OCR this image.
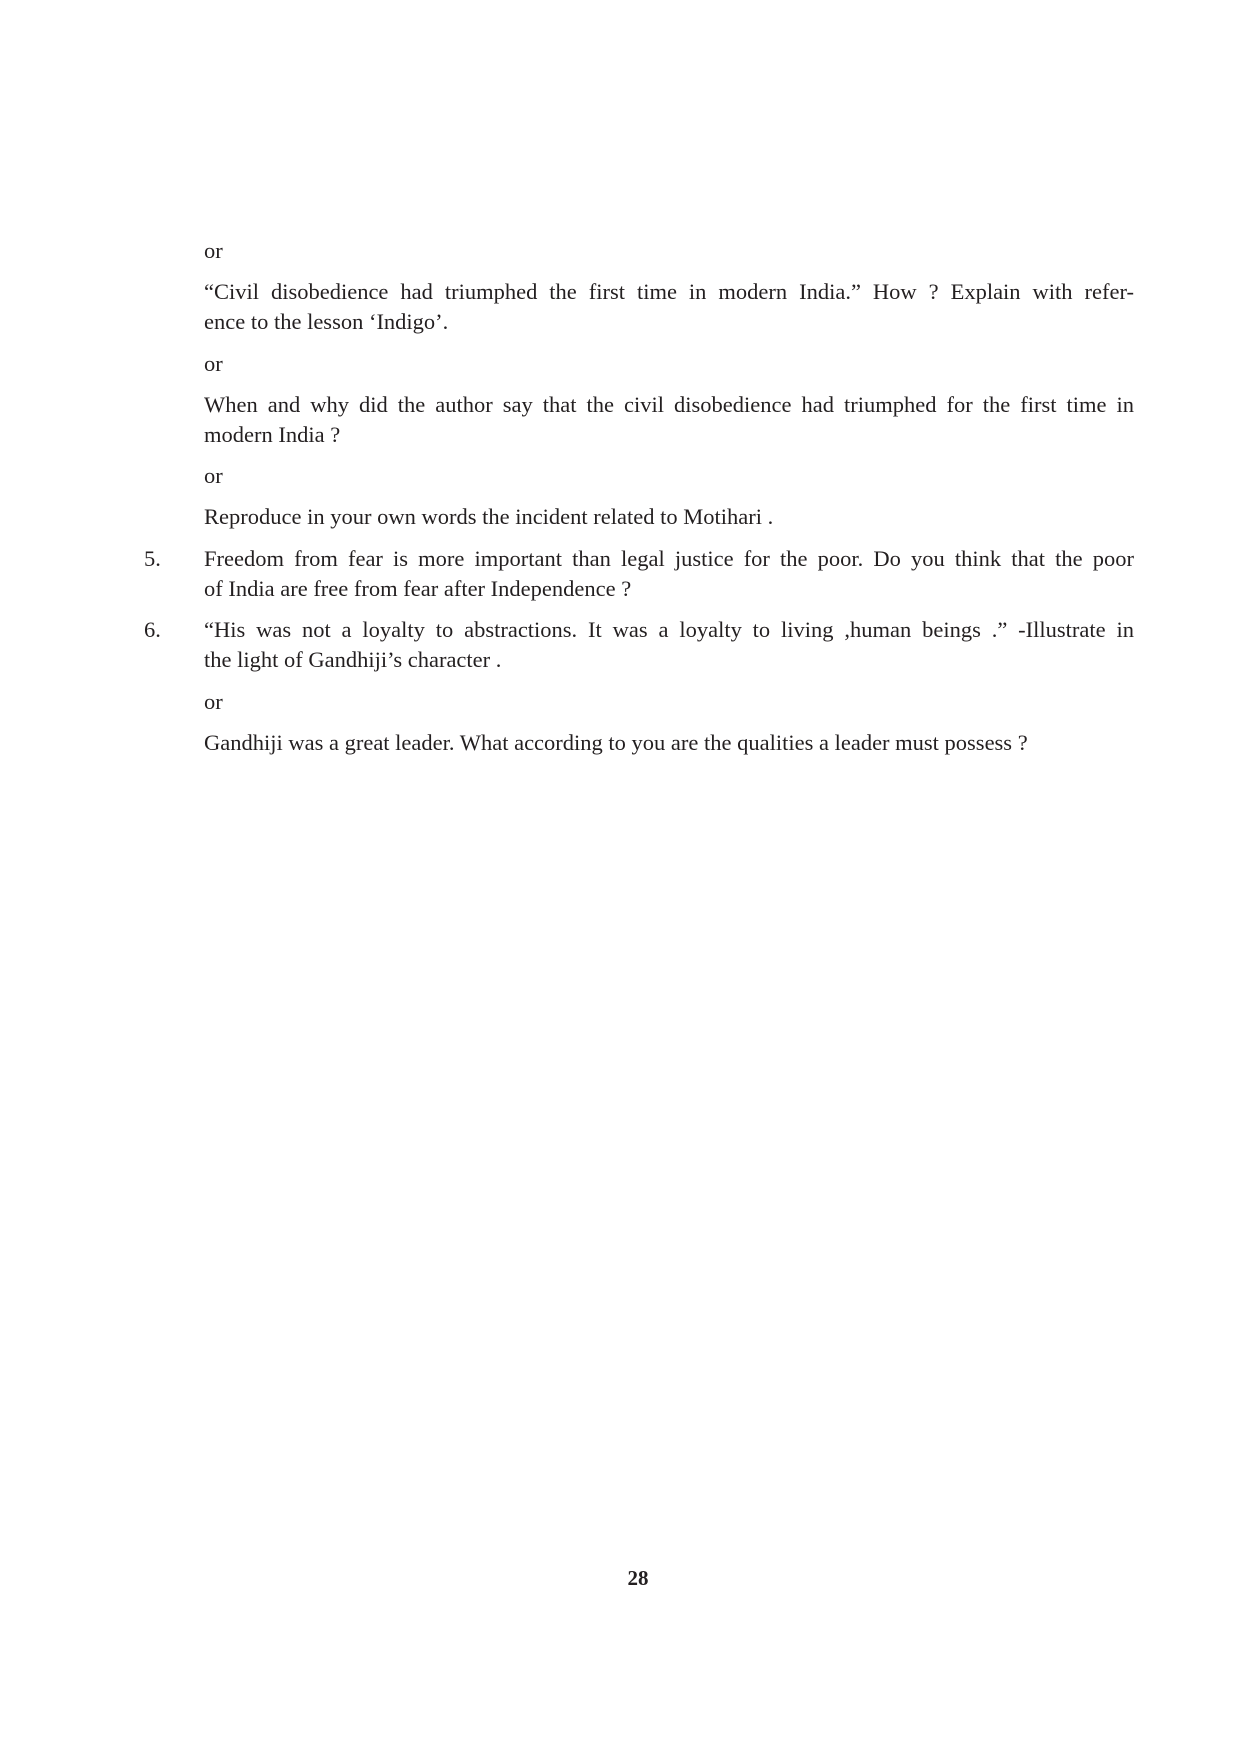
or

“Civil disobedience had triumphed the first time in modern India.” How ? Explain with refer-

ence to the lesson ‘Indigo’.

or

When and why did the author say that the civil disobedience had triumphed for the first time in

modern India ?

or

Reproduce in your own words the incident related to Motihari .

5. Freedom from fear is more important than legal justice for the poor. Do you think that the poor

of India are free from fear after Independence ?

6. “His was not a loyalty to abstractions. It was a loyalty to living ,human beings .” -Illustrate in

the light of Gandhiji’s character .

or

Gandhiji was a great leader. What according to you are the qualities a leader must possess ?

28
